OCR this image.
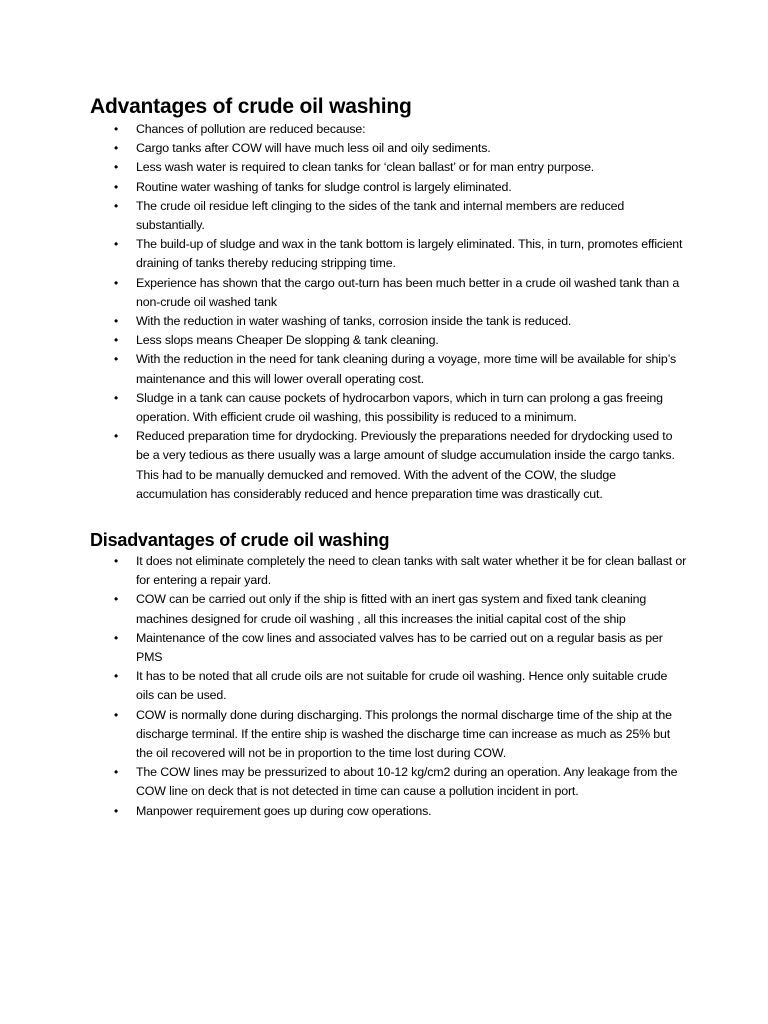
Advantages of crude oil washing
• Chances of pollution are reduced because:
• Cargo tanks after COW will have much less oil and oily sediments.
• Less wash water is required to clean tanks for ‘clean ballast’ or for man entry purpose.
• Routine water washing of tanks for sludge control is largely eliminated.
• The crude oil residue left clinging to the sides of the tank and internal members are reduced substantially.
• The build-up of sludge and wax in the tank bottom is largely eliminated. This, in turn, promotes efficient draining of tanks thereby reducing stripping time.
• Experience has shown that the cargo out-turn has been much better in a crude oil washed tank than a non-crude oil washed tank
• With the reduction in water washing of tanks, corrosion inside the tank is reduced.
• Less slops means Cheaper De slopping & tank cleaning.
• With the reduction in the need for tank cleaning during a voyage, more time will be available for ship’s maintenance and this will lower overall operating cost.
• Sludge in a tank can cause pockets of hydrocarbon vapors, which in turn can prolong a gas freeing operation. With efficient crude oil washing, this possibility is reduced to a minimum.
• Reduced preparation time for drydocking. Previously the preparations needed for drydocking used to be a very tedious as there usually was a large amount of sludge accumulation inside the cargo tanks. This had to be manually demucked and removed. With the advent of the COW, the sludge accumulation has considerably reduced and hence preparation time was drastically cut.
Disadvantages of crude oil washing
• It does not eliminate completely the need to clean tanks with salt water whether it be for clean ballast or for entering a repair yard.
• COW can be carried out only if the ship is fitted with an inert gas system and fixed tank cleaning machines designed for crude oil washing , all this increases the initial capital cost of the ship
• Maintenance of the cow lines and associated valves has to be carried out on a regular basis as per PMS
• It has to be noted that all crude oils are not suitable for crude oil washing. Hence only suitable crude oils can be used.
• COW is normally done during discharging. This prolongs the normal discharge time of the ship at the discharge terminal. If the entire ship is washed the discharge time can increase as much as 25% but the oil recovered will not be in proportion to the time lost during COW.
• The COW lines may be pressurized to about 10-12 kg/cm2 during an operation. Any leakage from the COW line on deck that is not detected in time can cause a pollution incident in port.
• Manpower requirement goes up during cow operations.
